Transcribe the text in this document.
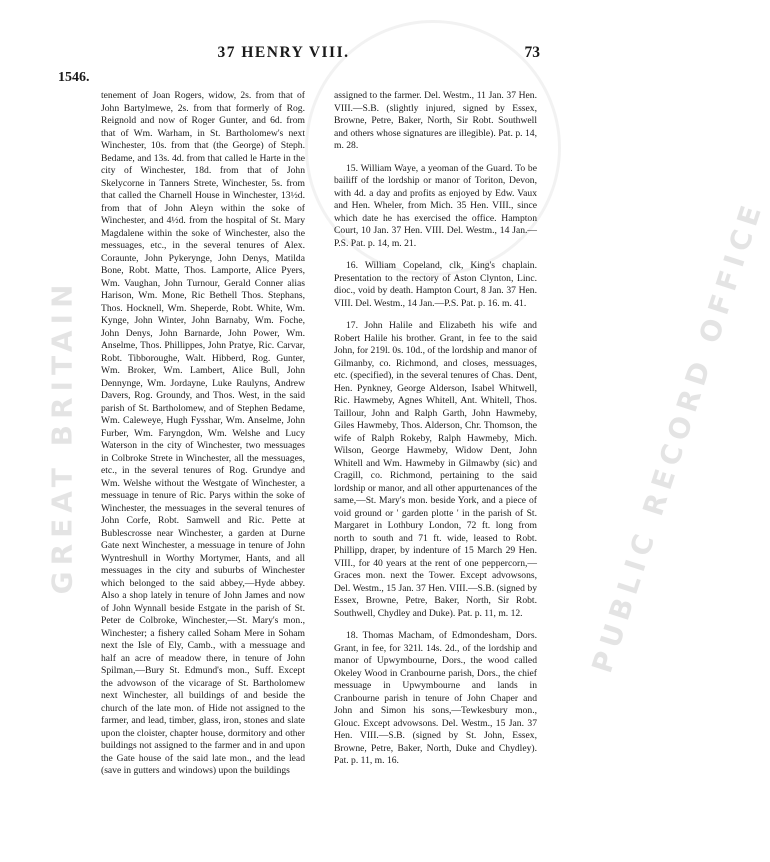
GREAT BRITAIN	PUBLIC RECORD OFFICE
37 HENRY VIII.	73
1546.

tenement of Joan Rogers, widow, 2s. from that of John Bartylmewe, 2s. from that formerly of Rog. Reignold and now of Roger Gunter, and 6d. from that of Wm. Warham, in St. Bartholomew's next Winchester, 10s. from that (the George) of Steph. Bedame, and 13s. 4d. from that called le Harte in the city of Winchester, 18d. from that of John Skelycorne in Tanners Strete, Winchester, 5s. from that called the Charnell House in Winchester, 13½d. from that of John Aleyn within the soke of Winchester, and 4½d. from the hospital of St. Mary Magdalene within the soke of Winchester, also the messuages, etc., in the several tenures of Alex. Coraunte, John Pykerynge, John Denys, Matilda Bone, Robt. Matte, Thos. Lamporte, Alice Pyers, Wm. Vaughan, John Turnour, Gerald Conner alias Harison, Wm. Mone, Ric Bethell Thos. Stephans, Thos. Hocknell, Wm. Sheperde, Robt. White, Wm. Kynge, John Winter, John Barnaby, Wm. Foche, John Denys, John Barnarde, John Power, Wm. Anselme, Thos. Phillippes, John Pratye, Ric. Carvar, Robt. Tibboroughe, Walt. Hibberd, Rog. Gunter, Wm. Broker, Wm. Lambert, Alice Bull, John Dennynge, Wm. Jordayne, Luke Raulyns, Andrew Davers, Rog. Groundy, and Thos. West, in the said parish of St. Bartholomew, and of Stephen Bedame, Wm. Caleweye, Hugh Fysshar, Wm. Anselme, John Furber, Wm. Faryngdon, Wm. Welshe and Lucy Waterson in the city of Winchester, two messuages in Colbroke Strete in Winchester, all the messuages, etc., in the several tenures of Rog. Grundye and Wm. Welshe without the Westgate of Winchester, a messuage in tenure of Ric. Parys within the soke of Winchester, the messuages in the several tenures of John Corfe, Robt. Samwell and Ric. Pette at Bublescrosse near Winchester, a garden at Durne Gate next Winchester, a messuage in tenure of John Wyntreshull in Worthy Mortymer, Hants, and all messuages in the city and suburbs of Winchester which belonged to the said abbey,—Hyde abbey. Also a shop lately in tenure of John James and now of John Wynnall beside Estgate in the parish of St. Peter de Colbroke, Winchester,—St. Mary's mon., Winchester; a fishery called Soham Mere in Soham next the Isle of Ely, Camb., with a messuage and half an acre of meadow there, in tenure of John Spilman,—Bury St. Edmund's mon., Suff. Except the advowson of the vicarage of St. Bartholomew next Winchester, all buildings of and beside the church of the late mon. of Hide not assigned to the farmer, and lead, timber, glass, iron, stones and slate upon the cloister, chapter house, dormitory and other buildings not assigned to the farmer and in and upon the Gate house of the said late mon., and the lead (save in gutters and windows) upon the buildings

assigned to the farmer. Del. Westm., 11 Jan. 37 Hen. VIII.—S.B. (slightly injured, signed by Essex, Browne, Petre, Baker, North, Sir Robt. Southwell and others whose signatures are illegible). Pat. p. 14, m. 28.

15. William Waye, a yeoman of the Guard. To be bailiff of the lordship or manor of Toriton, Devon, with 4d. a day and profits as enjoyed by Edw. Vaux and Hen. Wheler, from Mich. 35 Hen. VIII., since which date he has exercised the office. Hampton Court, 10 Jan. 37 Hen. VIII. Del. Westm., 14 Jan.—P.S. Pat. p. 14, m. 21.

16. William Copeland, clk, King's chaplain. Presentation to the rectory of Aston Clynton, Linc. dioc., void by death. Hampton Court, 8 Jan. 37 Hen. VIII. Del. Westm., 14 Jan.—P.S. Pat. p. 16. m. 41.

17. John Halile and Elizabeth his wife and Robert Halile his brother. Grant, in fee to the said John, for 219l. 0s. 10d., of the lordship and manor of Gilmanby, co. Richmond, and closes, messuages, etc. (specified), in the several tenures of Chas. Dent, Hen. Pynkney, George Alderson, Isabel Whitwell, Ric. Hawmeby, Agnes Whitell, Ant. Whitell, Thos. Taillour, John and Ralph Garth, John Hawmeby, Giles Hawmeby, Thos. Alderson, Chr. Thomson, the wife of Ralph Rokeby, Ralph Hawmeby, Mich. Wilson, George Hawmeby, Widow Dent, John Whitell and Wm. Hawmeby in Gilmawby (sic) and Cragill, co. Richmond, pertaining to the said lordship or manor, and all other appurtenances of the same,—St. Mary's mon. beside York, and a piece of void ground or ' garden plotte ' in the parish of St. Margaret in Lothbury London, 72 ft. long from north to south and 71 ft. wide, leased to Robt. Phillipp, draper, by indenture of 15 March 29 Hen. VIII., for 40 years at the rent of one peppercorn,—Graces mon. next the Tower. Except advowsons, Del. Westm., 15 Jan. 37 Hen. VIII.—S.B. (signed by Essex, Browne, Petre, Baker, North, Sir Robt. Southwell, Chydley and Duke). Pat. p. 11, m. 12.

18. Thomas Macham, of Edmondesham, Dors. Grant, in fee, for 321l. 14s. 2d., of the lordship and manor of Upwymbourne, Dors., the wood called Okeley Wood in Cranbourne parish, Dors., the chief messuage in Upwymbourne and lands in Cranbourne parish in tenure of John Chaper and John and Simon his sons,—Tewkesbury mon., Glouc. Except advowsons. Del. Westm., 15 Jan. 37 Hen. VIII.—S.B. (signed by St. John, Essex, Browne, Petre, Baker, North, Duke and Chydley). Pat. p. 11, m. 16.
